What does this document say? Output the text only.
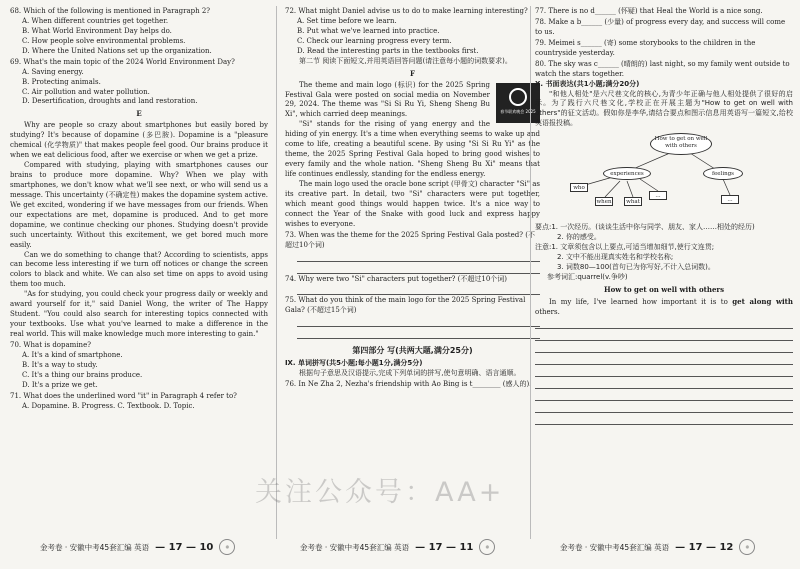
68. Which of the following is mentioned in Paragraph 2?

A. When different countries get together.

B. What World Environment Day helps do.

C. How people solve environmental problems.

D. Where the United Nations set up the organization.

69. What's the main topic of the 2024 World Environment Day?

A. Saving energy.

B. Protecting animals.

C. Air pollution and water pollution.

D. Desertification, droughts and land restoration.

E

Why are people so crazy about smartphones but easily bored by studying? It's because of dopamine (多巴胺). Dopamine is a "pleasure chemical (化学物质)" that makes people feel good. Our brains produce it when we eat delicious food, after we exercise or when we get a prize.

Compared with studying, playing with smartphones causes our brains to produce more dopamine. Why? When we play with smartphones, we don't know what we'll see next, or who will send us a message. This uncertainty (不确定性) makes the dopamine system active. We get excited, wondering if we have messages from our friends. When our expectations are met, dopamine is produced. And to get more dopamine, we continue checking our phones. Studying doesn't provide such uncertainty. Without this excitement, we get bored much more easily.

Can we do something to change that? According to scientists, apps can become less interesting if we turn off notices or change the screen colors to black and white. We can also set time on apps to avoid using them too much.

"As for studying, you could check your progress daily or weekly and award yourself for it," said Daniel Wong, the writer of The Happy Student. "You could also search for interesting topics connected with your textbooks. Use what you've learned to make a difference in the real world. This will make knowledge much more interesting to gain."

70. What is dopamine?

A. It's a kind of smartphone.

B. It's a way to study.

C. It's a thing our brains produce.

D. It's a prize we get.

71. What does the underlined word "it" in Paragraph 4 refer to?

A. Dopamine. B. Progress. C. Textbook. D. Topic.

72. What might Daniel advise us to do to make learning interesting?

A. Set time before we learn.

B. Put what we've learned into practice.

C. Check our learning progress every term.

D. Read the interesting parts in the textbooks first.

第二节 阅读下面短文,并用英语回答问题(请注意每小题的词数要求)。

F

春节联欢晚会 2025

The theme and main logo (标识) for the 2025 Spring Festival Gala were posted on social media on November 29, 2024. The theme was "Si Si Ru Yi, Sheng Sheng Bu Xi", which carried deep meanings.

"Si" stands for the rising of yang energy and the hiding of yin energy. It's a time when everything seems to wake up and come to life, creating a beautiful scene. By using "Si Si Ru Yi" as the theme, the 2025 Spring Festival Gala hoped to bring good wishes to every family and the whole nation. "Sheng Sheng Bu Xi" means that life continues endlessly, standing for the endless energy.

The main logo used the oracle bone script (甲骨文) character "Si" as its creative part. In detail, two "Si" characters were put together, which meant good things would happen twice. It's a nice way to connect the Year of the Snake with good luck and express happy wishes to everyone.

73. When was the theme for the 2025 Spring Festival Gala posted? (不超过10个词)

74. Why were two "Si" characters put together? (不超过10个词)

75. What do you think of the main logo for the 2025 Spring Festival Gala? (不超过15个词)

第四部分 写(共两大题,满分25分)

Ⅸ. 单词拼写(共5小题;每小题1分,满分5分)

根据句子意思及汉语提示,完成下列单词的拼写,使句意明确、语言通顺。

76. In Ne Zha 2, Nezha's friendship with Ao Bing is t________ (感人的).

77. There is no d______ (怀疑) that Heal the World is a nice song.

78. Make a b______ (少量) of progress every day, and success will come to us.

79. Meimei s______ (寄) some storybooks to the children in the countryside yesterday.

80. The sky was c______ (晴朗的) last night, so my family went outside to watch the stars together.

Ⅹ. 书面表达(共1小题;满分20分)

"和他人相处"是六尺巷文化的核心,为青少年正确与他人相处提供了很好的启示。为了践行六尺巷文化,学校正在开展主题为"How to get on well with others"的征文活动。假如你是李华,请结合要点和图示信息用英语写一篇短文,给校英语报投稿。

How to get on well with others
experiences	feelings
who
when	what
...
...

要点:1. 一次经历。(谈谈生活中你与同学、朋友、家人……相处的经历)

2. 你的感受。

注意:1. 文章须包含以上要点,可适当增加细节,使行文连贯;

2. 文中不能出现真实姓名和学校名称;

3. 词数80—100(首句已为你写好,不计入总词数)。

参考词汇:quarrel(v.争吵)

How to get on well with others

In my life, I've learned how important it is to get along with others.

关注公众号：AA+
金考卷 · 安徽中考45套汇编 英语 — 17 — 10	◎	金考卷 · 安徽中考45套汇编 英语 — 17 — 11	◎	金考卷 · 安徽中考45套汇编 英语 — 17 — 12	◎
